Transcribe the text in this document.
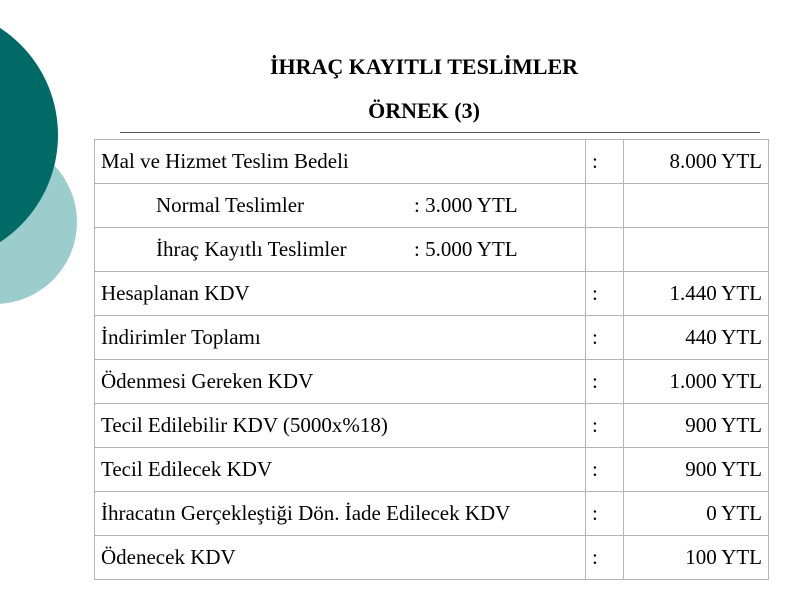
İHRAÇ KAYITLI TESLİMLER
ÖRNEK (3)
Mal ve Hizmet Teslim Bedeli	:	8.000 YTL

Normal Teslimler : 3.000 YTL		

İhraç Kayıtlı Teslimler : 5.000 YTL		

Hesaplanan KDV	:	1.440 YTL
İndirimler Toplamı	:	440 YTL
Ödenmesi Gereken KDV	:	1.000 YTL
Tecil Edilebilir KDV (5000x%18)	:	900 YTL
Tecil Edilecek KDV	:	900 YTL
İhracatın Gerçekleştiği Dön. İade Edilecek KDV	:	0 YTL
Ödenecek KDV	:	100 YTL
